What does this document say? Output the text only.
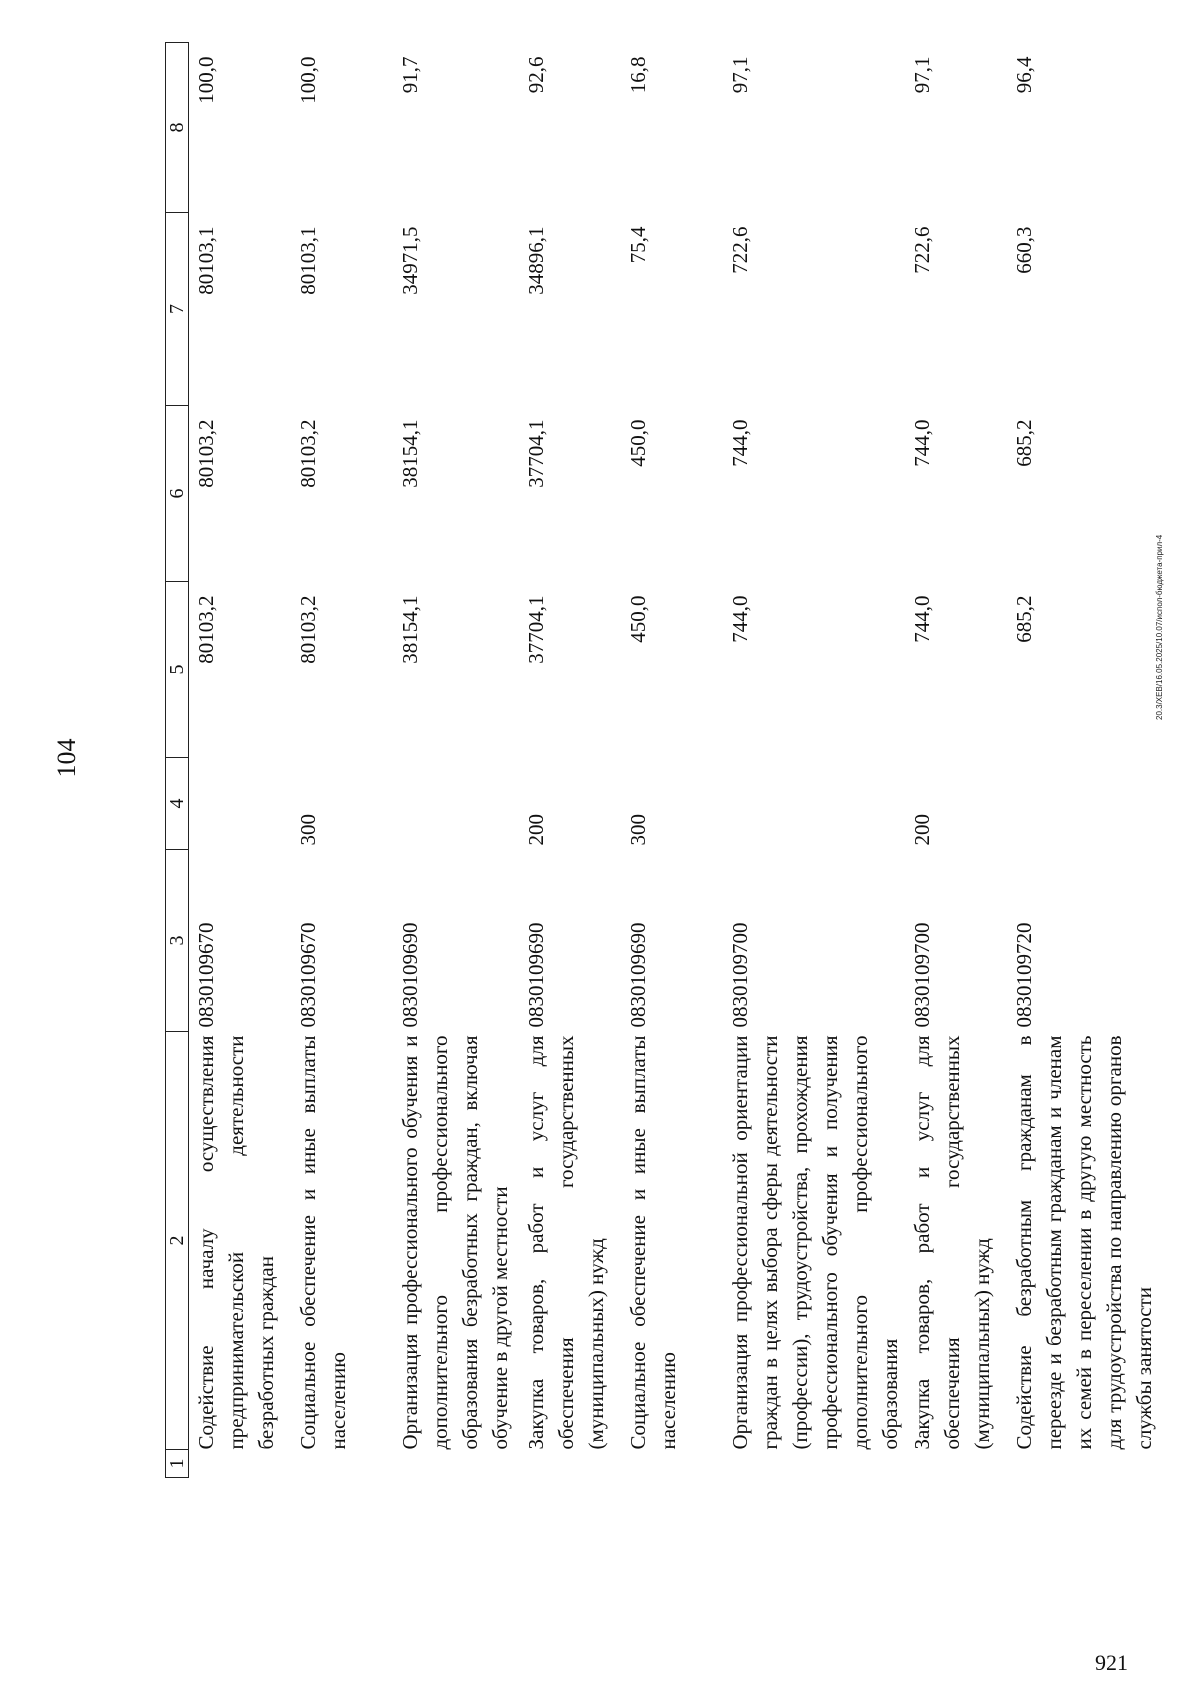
104
1	2	3	4	5	6	7	8
	Содействие началу осуществления предпринимательской деятельности безработных граждан	0830109670		80103,2	80103,2	80103,1	100,0
	Социальное обеспечение и иные выплаты населению	0830109670	300	80103,2	80103,2	80103,1	100,0
	Организация профессионального обучения и дополнительного профессионального образования безработных граждан, включая обучение в другой местности	0830109690		38154,1	38154,1	34971,5	91,7
	Закупка товаров, работ и услуг для обеспечения государственных (муниципальных) нужд	0830109690	200	37704,1	37704,1	34896,1	92,6
	Социальное обеспечение и иные выплаты населению	0830109690	300	450,0	450,0	75,4	16,8
	Организация профессиональной ориентации граждан в целях выбора сферы деятельности (профессии), трудоустройства, прохождения профессионального обучения и получения дополнительного профессионального образования	0830109700		744,0	744,0	722,6	97,1
	Закупка товаров, работ и услуг для обеспечения государственных (муниципальных) нужд	0830109700	200	744,0	744,0	722,6	97,1
	Содействие безработным гражданам в переезде и безработным гражданам и членам их семей в переселении в другую местность для трудоустройства по направлению органов службы занятости	0830109720		685,2	685,2	660,3	96,4
20.3/XEB/16.05.2025/10.07/испол-бюджета-прил-4
921
